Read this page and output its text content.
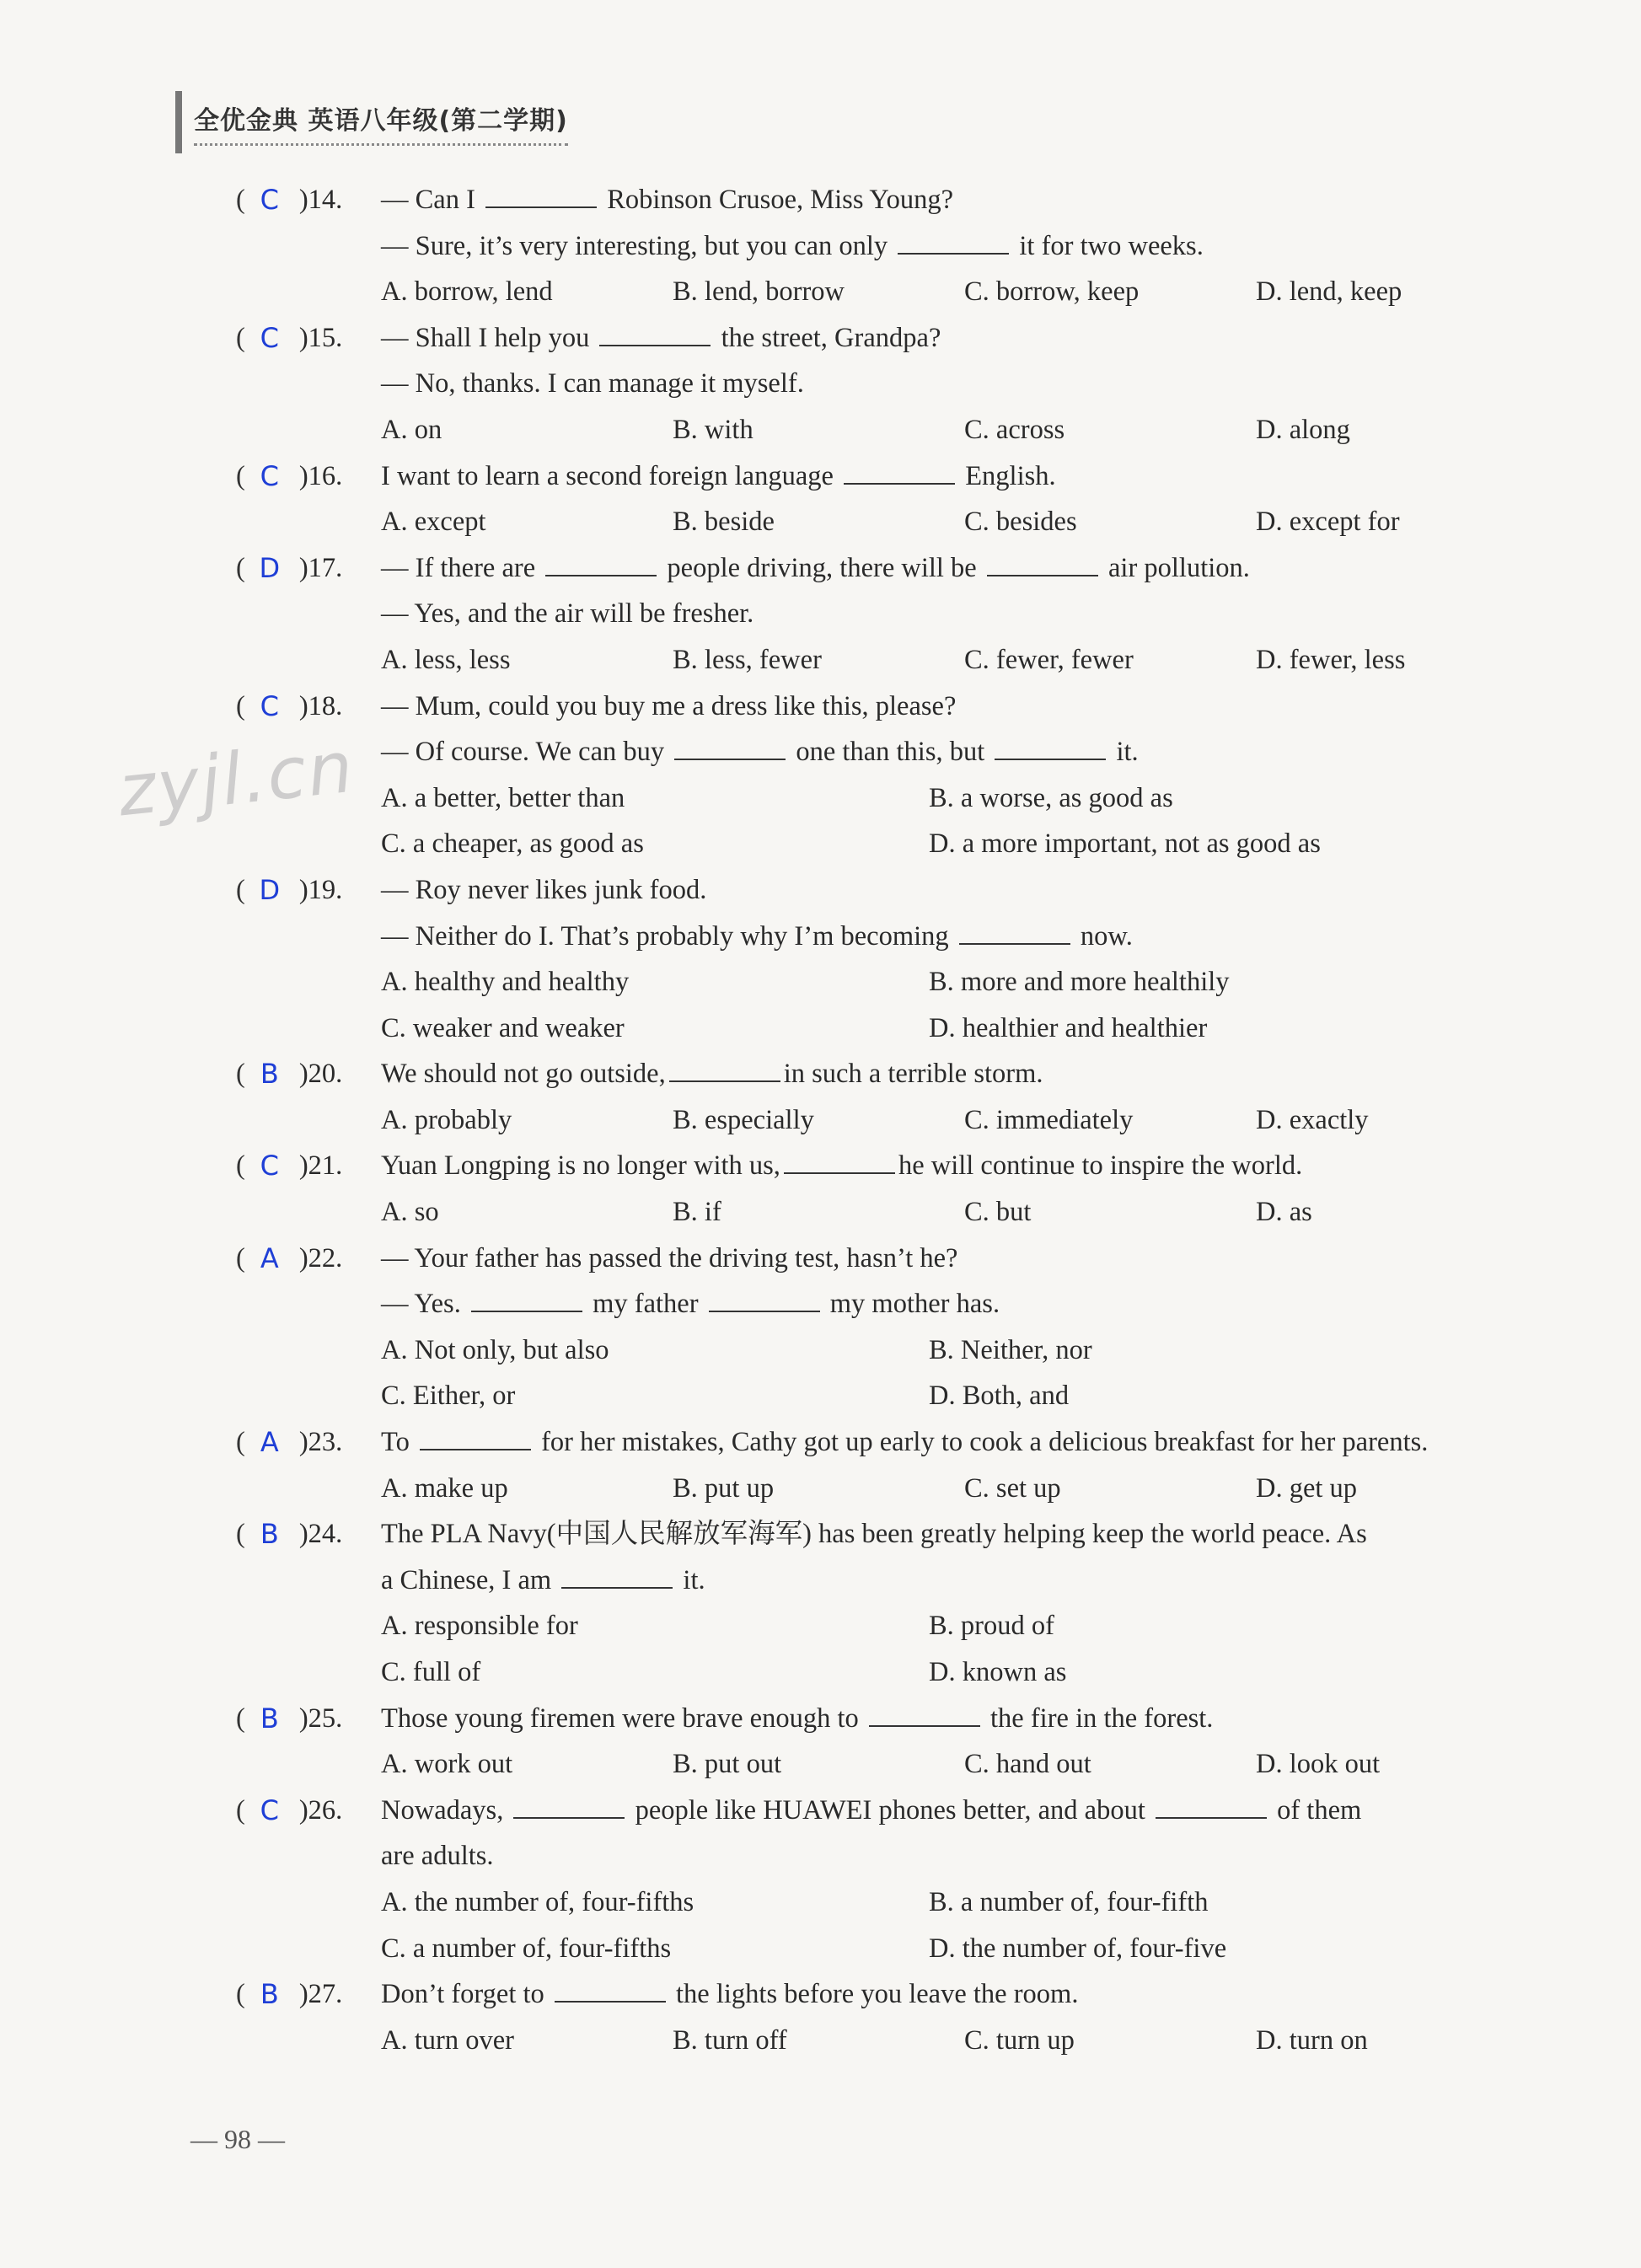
全优金典 英语八年级(第二学期)
zyjl.cn
( C )14. — Can I	Robinson Crusoe, Miss Young?
— Sure, it’s very interesting, but you can only	it for two weeks.
A. borrow, lend	B. lend, borrow	C. borrow, keep	D. lend, keep
( C )15. — Shall I help you	the street, Grandpa?
— No, thanks. I can manage it myself.
A. on	B. with	C. across	D. along
( C )16. I want to learn a second foreign language	English.
A. except	B. beside	C. besides	D. except for
( D )17. — If there are	people driving, there will be	air pollution.
— Yes, and the air will be fresher.
A. less, less	B. less, fewer	C. fewer, fewer	D. fewer, less
( C )18. — Mum, could you buy me a dress like this, please?
— Of course. We can buy	one than this, but	it.
A. a better, better than	B. a worse, as good as
C. a cheaper, as good as	D. a more important, not as good as
( D )19. — Roy never likes junk food.
— Neither do I. That’s probably why I’m becoming	now.
A. healthy and healthy	B. more and more healthily
C. weaker and weaker	D. healthier and healthier
( B )20. We should not go outside,	in such a terrible storm.
A. probably	B. especially	C. immediately	D. exactly
( C )21. Yuan Longping is no longer with us,	he will continue to inspire the world.
A. so	B. if	C. but	D. as
( A )22. — Your father has passed the driving test, hasn’t he?
— Yes.	my father	my mother has.
A. Not only, but also	B. Neither, nor
C. Either, or	D. Both, and
( A )23. To	for her mistakes, Cathy got up early to cook a delicious breakfast for her parents.
A. make up	B. put up	C. set up	D. get up
( B )24. The PLA Navy(中国人民解放军海军) has been greatly helping keep the world peace. As
a Chinese, I am	it.
A. responsible for	B. proud of
C. full of	D. known as
( B )25. Those young firemen were brave enough to	the fire in the forest.
A. work out	B. put out	C. hand out	D. look out
( C )26. Nowadays,	people like HUAWEI phones better, and about	of them
are adults.
A. the number of, four-fifths	B. a number of, four-fifth
C. a number of, four-fifths	D. the number of, four-five
( B )27. Don’t forget to	the lights before you leave the room.
A. turn over	B. turn off	C. turn up	D. turn on
— 98 —
